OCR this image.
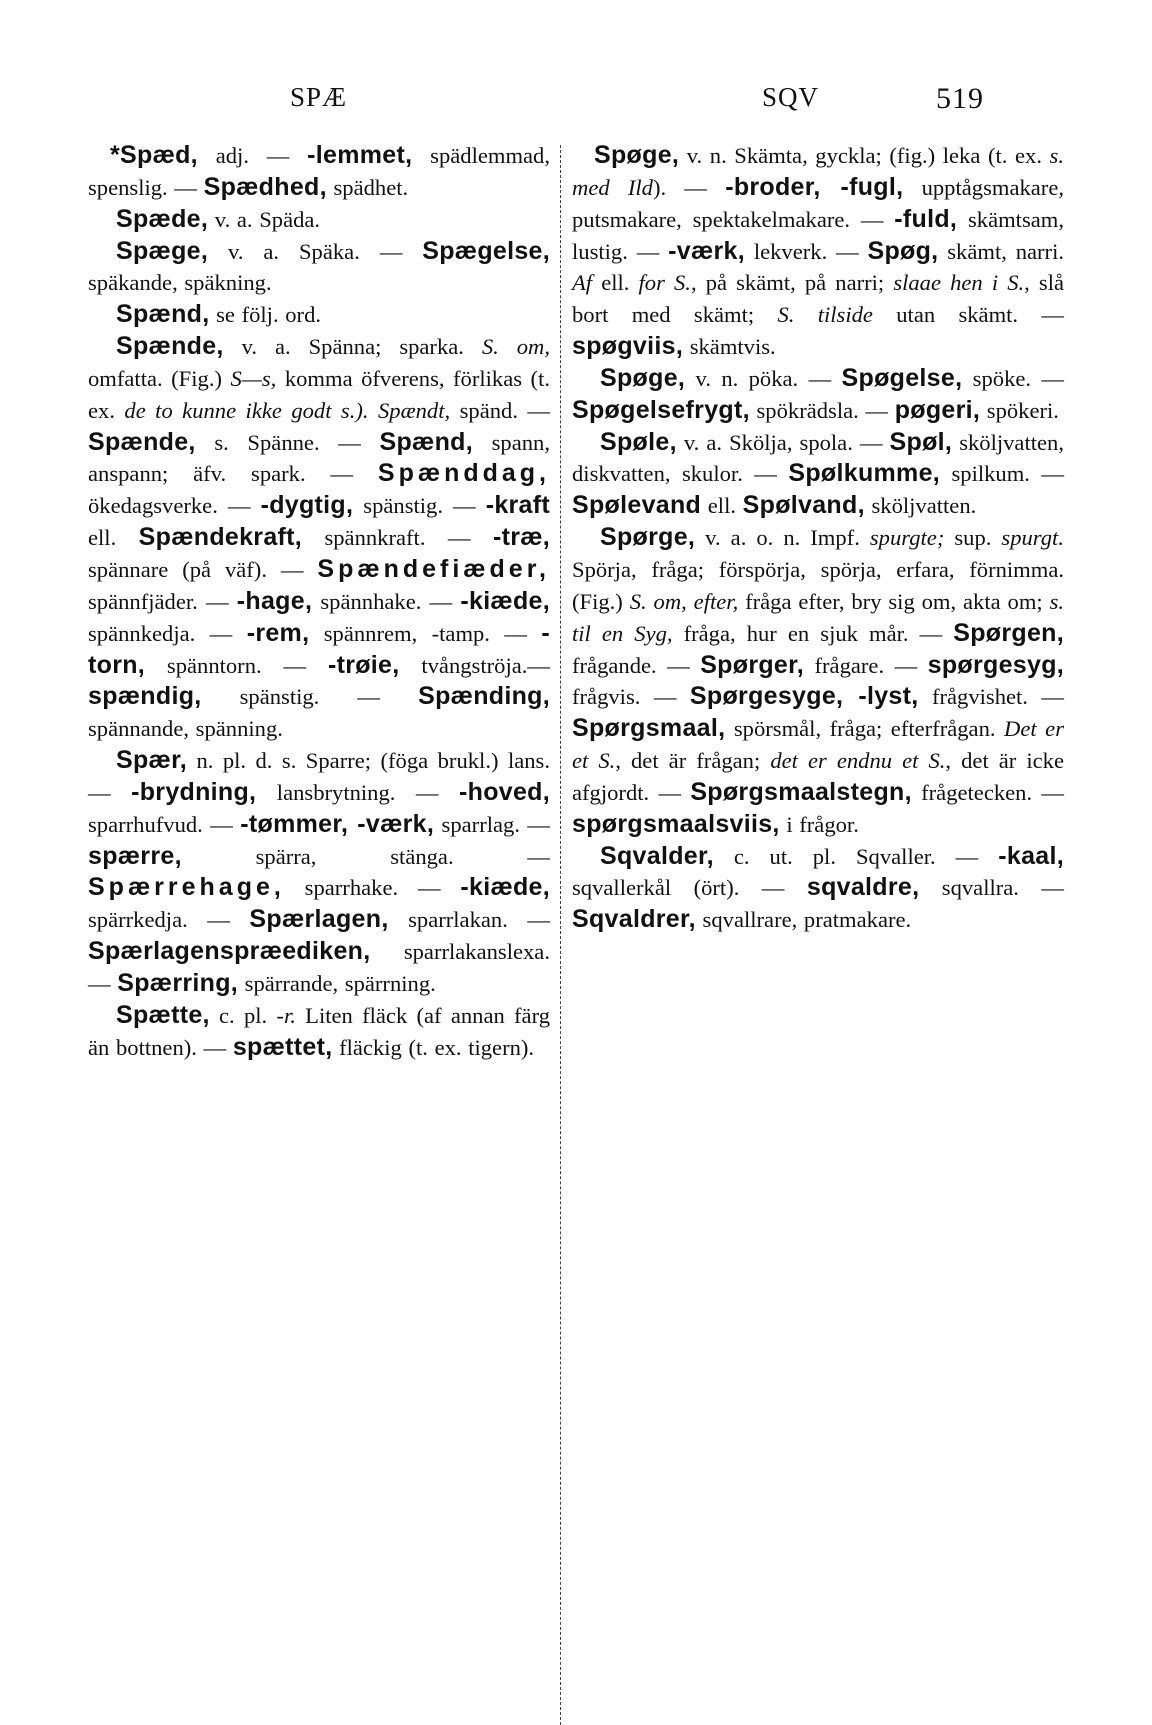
SPÆ	SQV	519

*Spæd, adj. — -lemmet, spädlemmad, spenslig. — Spædhed, spädhet.

Spæde, v. a. Späda.

Spæge, v. a. Späka. — Spægelse, späkande, späkning.

Spænd, se följ. ord.

Spænde, v. a. Spänna; sparka. S. om, omfatta. (Fig.) S—s, komma öfverens, förlikas (t. ex. de to kunne ikke godt s.). Spændt, spänd. — Spænde, s. Spänne. — Spænd, spann, anspann; äfv. spark. — Spænddag, ökedagsverke. — -dygtig, spänstig. — -kraft ell. Spændekraft, spännkraft. — -træ, spännare (på väf). — Spændefiæder, spännfjäder. — -hage, spännhake. — -kiæde, spännkedja. — -rem, spännrem, -tamp. — -torn, spänntorn. — -trøie, tvångströja.—spændig, spänstig. — Spænding, spännande, spänning.

Spær, n. pl. d. s. Sparre; (föga brukl.) lans. — -brydning, lansbrytning. — -hoved, sparrhufvud. — -tømmer, -værk, sparrlag. — spærre, spärra, stänga. — Spærrehage, sparrhake. — -kiæde, spärrkedja. — Spærlagen, sparrlakan. — Spærlagenspræediken, sparrlakanslexa. — Spærring, spärrande, spärrning.

Spætte, c. pl. -r. Liten fläck (af annan färg än bottnen). — spættet, fläckig (t. ex. tigern).

Spøge, v. n. Skämta, gyckla; (fig.) leka (t. ex. s. med Ild). — -broder, -fugl, upptågsmakare, putsmakare, spektakelmakare. — -fuld, skämtsam, lustig. — -værk, lekverk. — Spøg, skämt, narri. Af ell. for S., på skämt, på narri; slaae hen i S., slå bort med skämt; S. tilside utan skämt. — spøgviis, skämtvis.

Spøge, v. n. pöka. — Spøgelse, spöke. — Spøgelsefrygt, spökrädsla. — pøgeri, spökeri.

Spøle, v. a. Skölja, spola. — Spøl, sköljvatten, diskvatten, skulor. — Spølkumme, spilkum. — Spølevand ell. Spølvand, sköljvatten.

Spørge, v. a. o. n. Impf. spurgte; sup. spurgt. Spörja, fråga; förspörja, spörja, erfara, förnimma. (Fig.) S. om, efter, fråga efter, bry sig om, akta om; s. til en Syg, fråga, hur en sjuk mår. — Spørgen, frågande. — Spørger, frågare. — spørgesyg, frågvis. — Spørgesyge, -lyst, frågvishet. — Spørgsmaal, spörsmål, fråga; efterfrågan. Det er et S., det är frågan; det er endnu et S., det är icke afgjordt. — Spørgsmaalstegn, frågetecken. — spørgsmaalsviis, i frågor.

Sqvalder, c. ut. pl. Sqvaller. — -kaal, sqvallerkål (ört). — sqvaldre, sqvallra. — Sqvaldrer, sqvallrare, pratmakare.
